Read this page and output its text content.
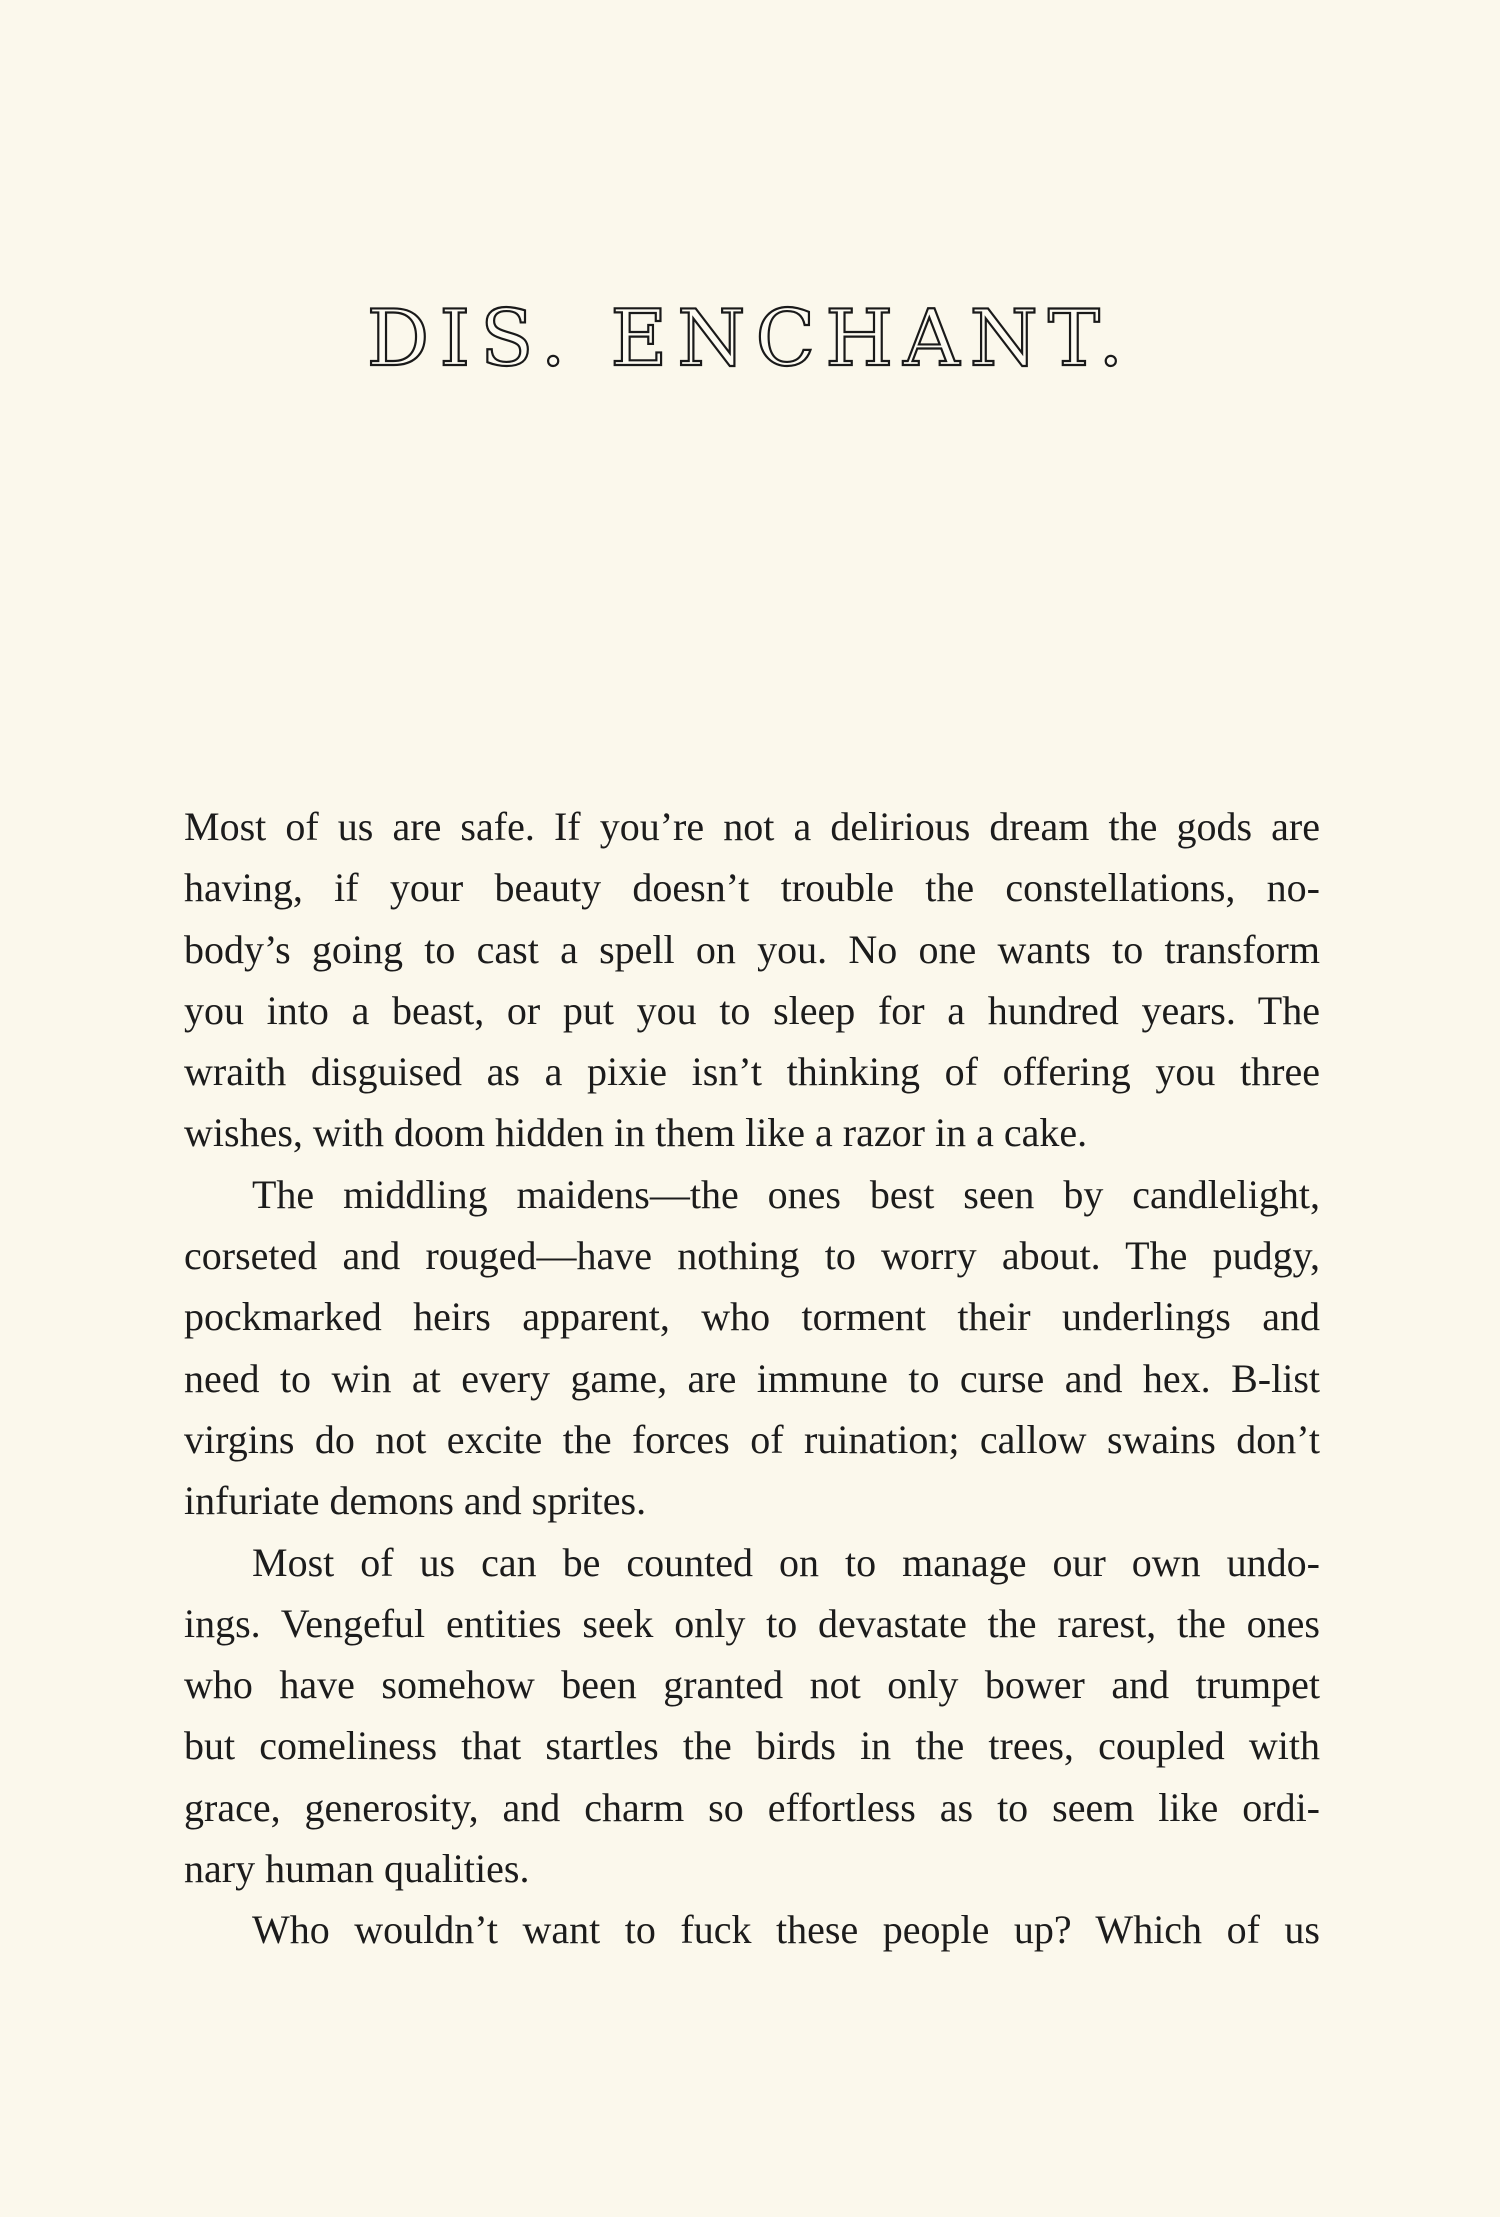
DIS. ENCHANT.
Most of us are safe. If you’re not a delirious dream the gods are
having, if your beauty doesn’t trouble the constellations, no-
body’s going to cast a spell on you. No one wants to transform
you into a beast, or put you to sleep for a hundred years. The
wraith disguised as a pixie isn’t thinking of offering you three
wishes, with doom hidden in them like a razor in a cake.
The middling maidens—the ones best seen by candlelight,
corseted and rouged—have nothing to worry about. The pudgy,
pockmarked heirs apparent, who torment their underlings and
need to win at every game, are immune to curse and hex. B-list
virgins do not excite the forces of ruination; callow swains don’t
infuriate demons and sprites.
Most of us can be counted on to manage our own undo-
ings. Vengeful entities seek only to devastate the rarest, the ones
who have somehow been granted not only bower and trumpet
but comeliness that startles the birds in the trees, coupled with
grace, generosity, and charm so effortless as to seem like ordi-
nary human qualities.
Who wouldn’t want to fuck these people up? Which of us
